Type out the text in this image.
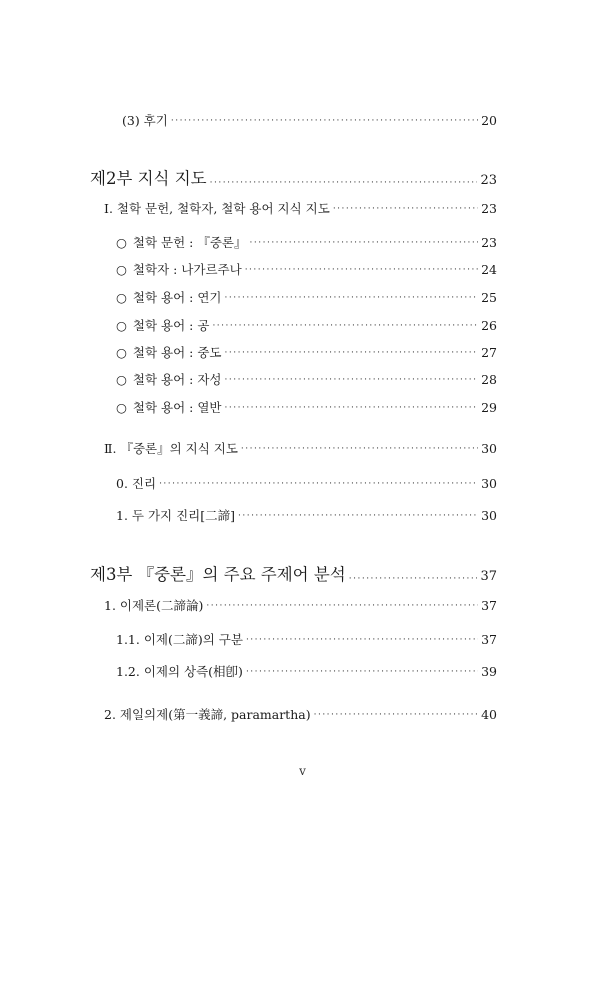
(3) 후기 ·····	20
제2부 지식 지도 ·····	23
Ⅰ. 철학 문헌, 철학자, 철학 용어 지식 지도 ·····	23
○ 철학 문헌 : 『중론』 ·····	23
○ 철학자 : 나가르주나 ·····	24
○ 철학 용어 : 연기 ·····	25
○ 철학 용어 : 공 ·····	26
○ 철학 용어 : 중도 ·····	27
○ 철학 용어 : 자성 ·····	28
○ 철학 용어 : 열반 ·····	29
Ⅱ. 『중론』의 지식 지도 ·····	30
0. 진리 ·····	30
1. 두 가지 진리[二諦] ·····	30
제3부 『중론』의 주요 주제어 분석 ·····	37
1. 이제론(二諦論) ·····	37
1.1. 이제(二諦)의 구분 ·····	37
1.2. 이제의 상즉(相卽) ·····	39
2. 제일의제(第一義諦, paramartha) ·····	40
v
